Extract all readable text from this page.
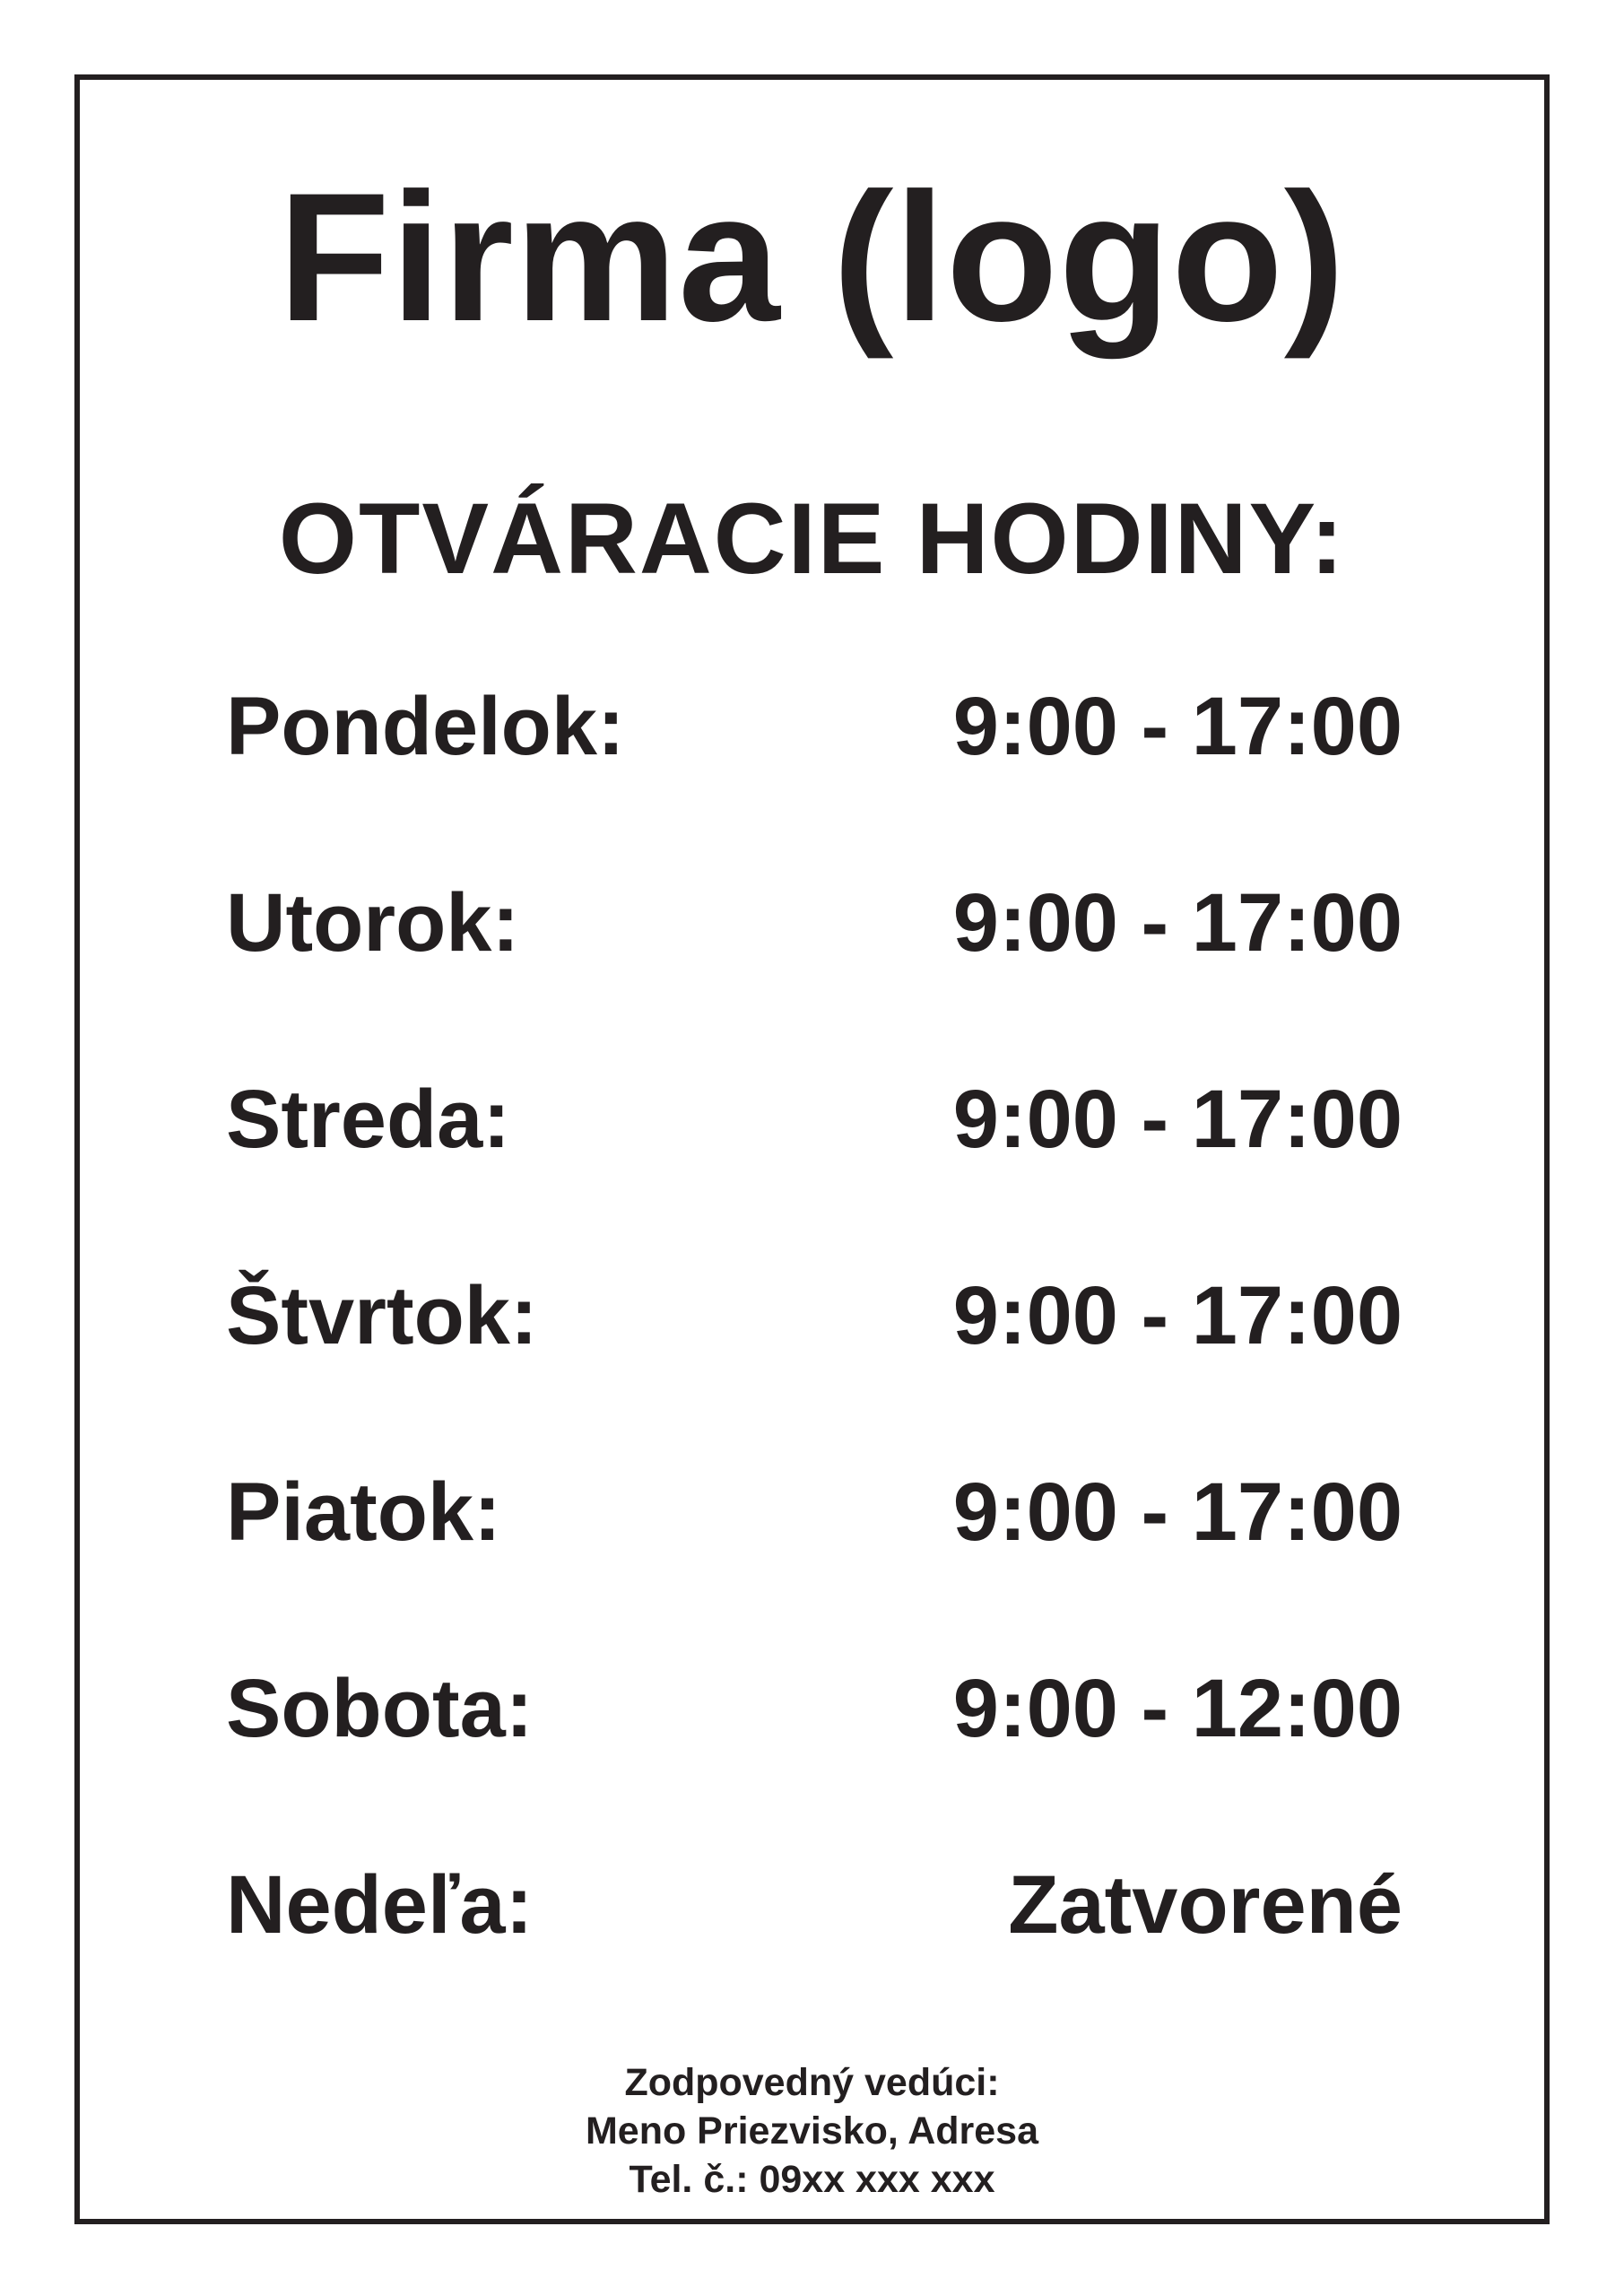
Firma (logo)
OTVÁRACIE HODINY:
Pondelok:	9:00 - 17:00
Utorok:	9:00 - 17:00
Streda:	9:00 - 17:00
Štvrtok:	9:00 - 17:00
Piatok:	9:00 - 17:00
Sobota:	9:00 - 12:00
Nedeľa:	Zatvorené
Zodpovedný vedúci:
Meno Priezvisko, Adresa
Tel. č.: 09xx xxx xxx
